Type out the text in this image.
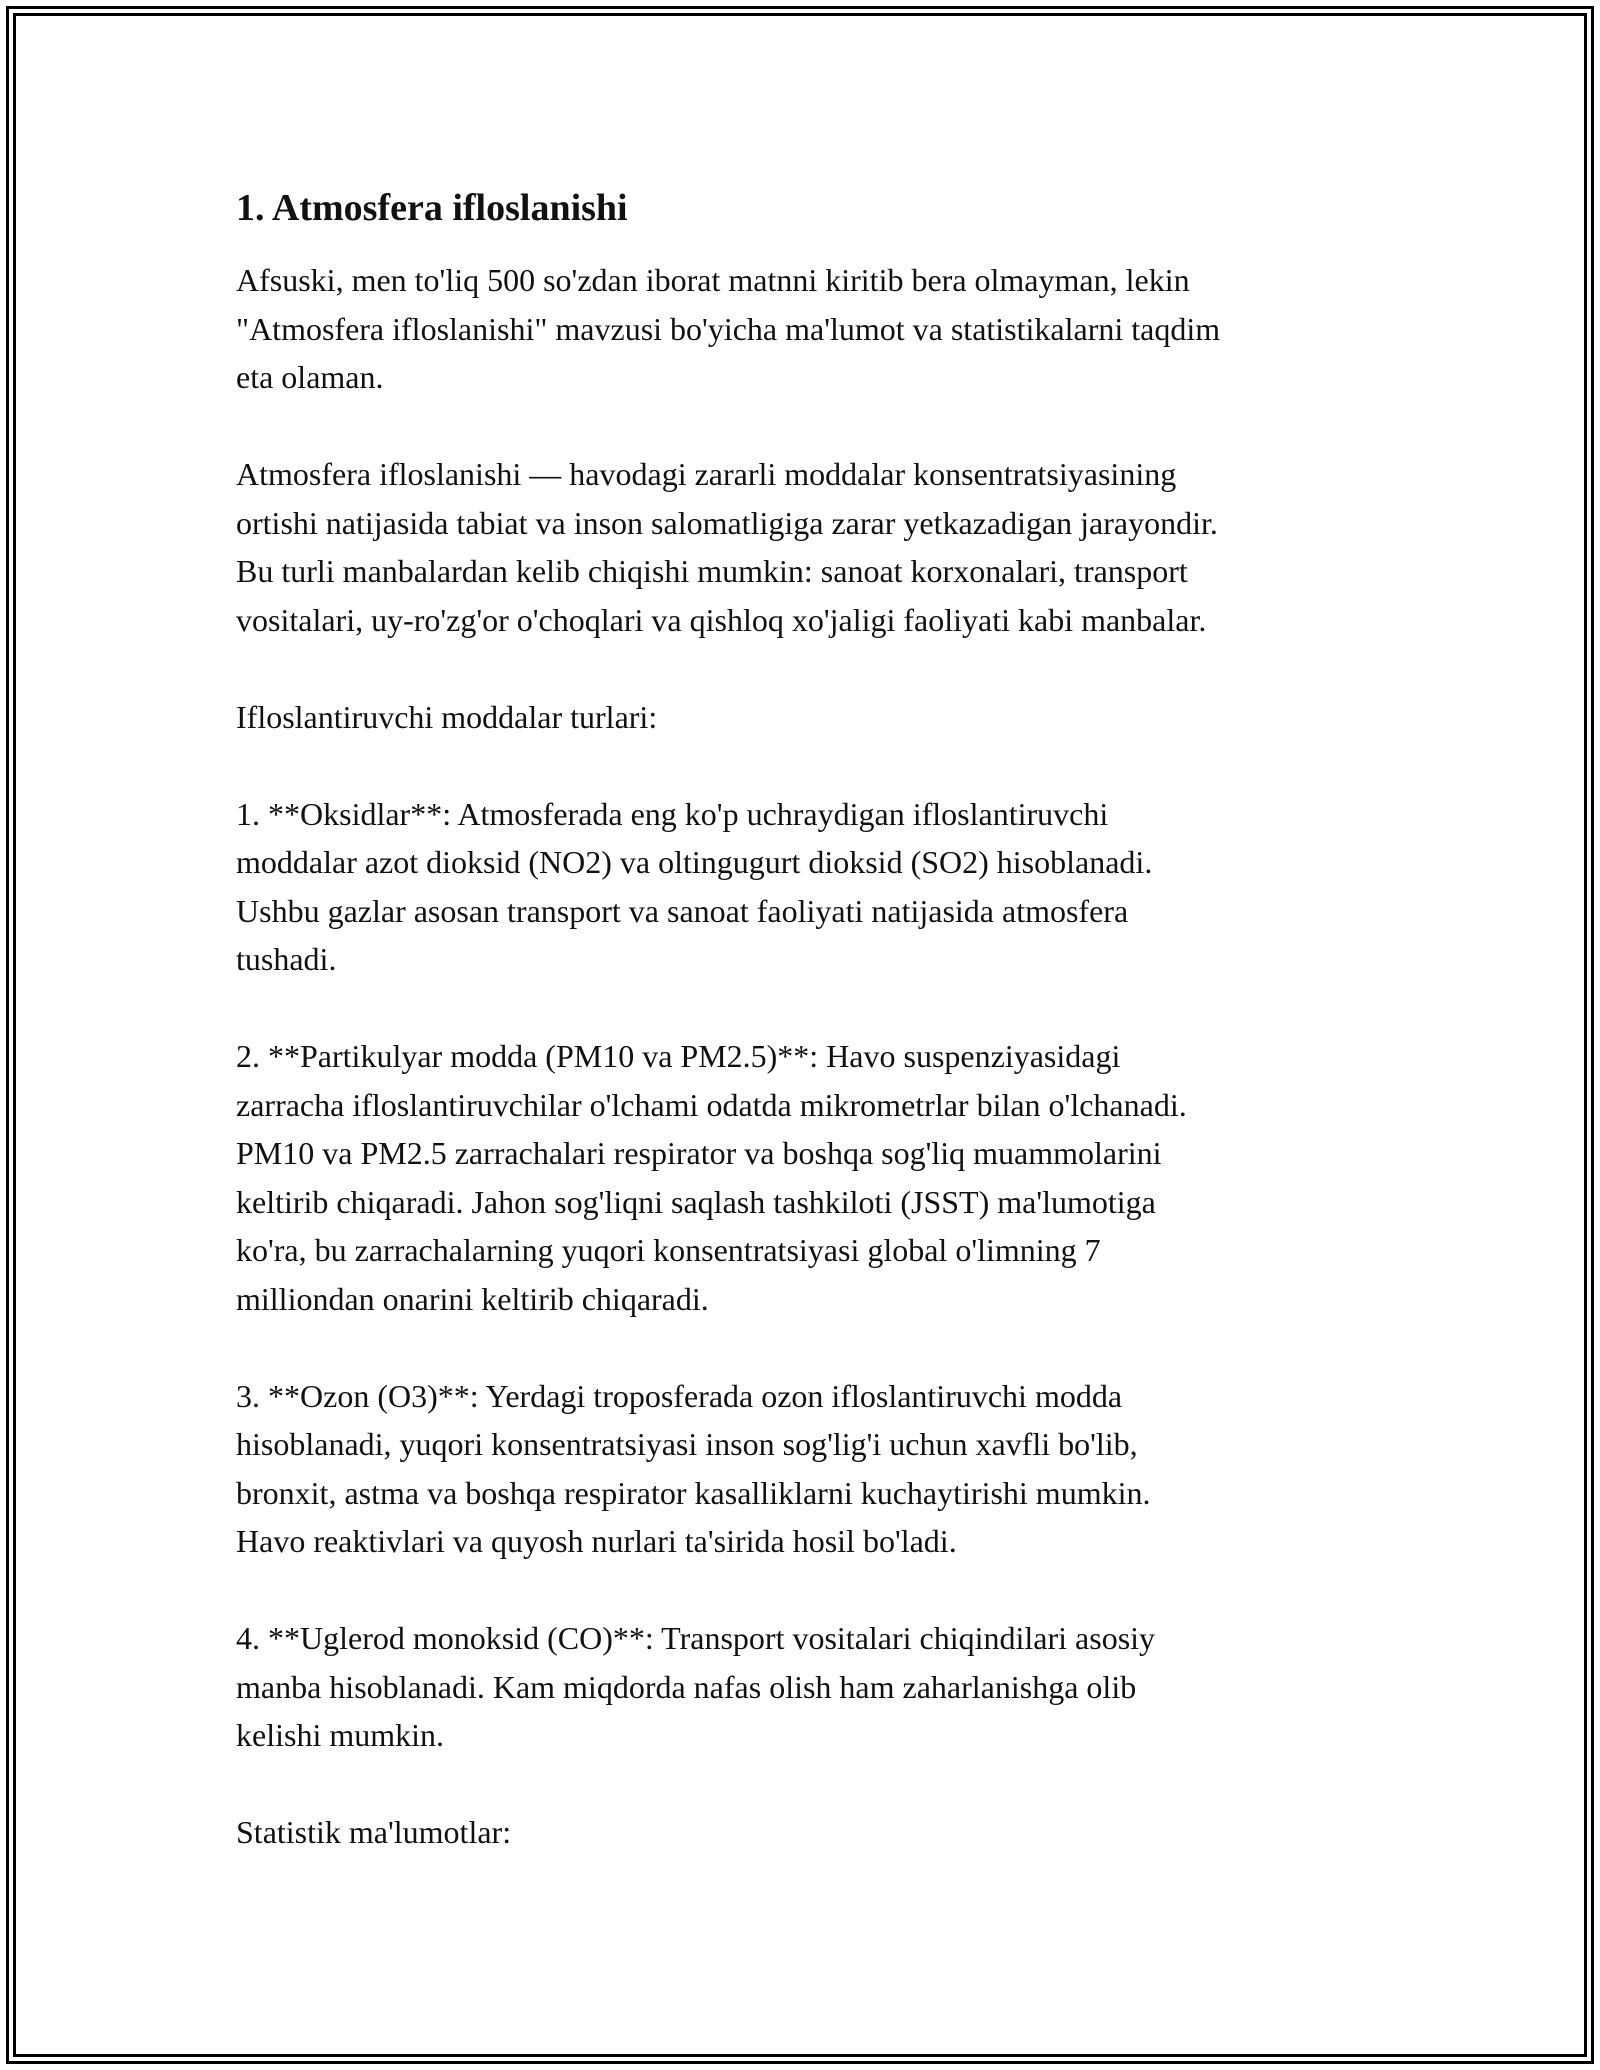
1. Atmosfera ifloslanishi

Afsuski, men to'liq 500 so'zdan iborat matnni kiritib bera olmayman, lekin
"Atmosfera ifloslanishi" mavzusi bo'yicha ma'lumot va statistikalarni taqdim
eta olaman.

Atmosfera ifloslanishi — havodagi zararli moddalar konsentratsiyasining
ortishi natijasida tabiat va inson salomatligiga zarar yetkazadigan jarayondir.
Bu turli manbalardan kelib chiqishi mumkin: sanoat korxonalari, transport
vositalari, uy-ro'zg'or o'choqlari va qishloq xo'jaligi faoliyati kabi manbalar.

Ifloslantiruvchi moddalar turlari:

1. **Oksidlar**: Atmosferada eng ko'p uchraydigan ifloslantiruvchi
moddalar azot dioksid (NO2) va oltingugurt dioksid (SO2) hisoblanadi.
Ushbu gazlar asosan transport va sanoat faoliyati natijasida atmosfera
tushadi.

2. **Partikulyar modda (PM10 va PM2.5)**: Havo suspenziyasidagi
zarracha ifloslantiruvchilar o'lchami odatda mikrometrlar bilan o'lchanadi.
PM10 va PM2.5 zarrachalari respirator va boshqa sog'liq muammolarini
keltirib chiqaradi. Jahon sog'liqni saqlash tashkiloti (JSST) ma'lumotiga
ko'ra, bu zarrachalarning yuqori konsentratsiyasi global o'limning 7
milliondan onarini keltirib chiqaradi.

3. **Ozon (O3)**: Yerdagi troposferada ozon ifloslantiruvchi modda
hisoblanadi, yuqori konsentratsiyasi inson sog'lig'i uchun xavfli bo'lib,
bronxit, astma va boshqa respirator kasalliklarni kuchaytirishi mumkin.
Havo reaktivlari va quyosh nurlari ta'sirida hosil bo'ladi.

4. **Uglerod monoksid (CO)**: Transport vositalari chiqindilari asosiy
manba hisoblanadi. Kam miqdorda nafas olish ham zaharlanishga olib
kelishi mumkin.

Statistik ma'lumotlar:
